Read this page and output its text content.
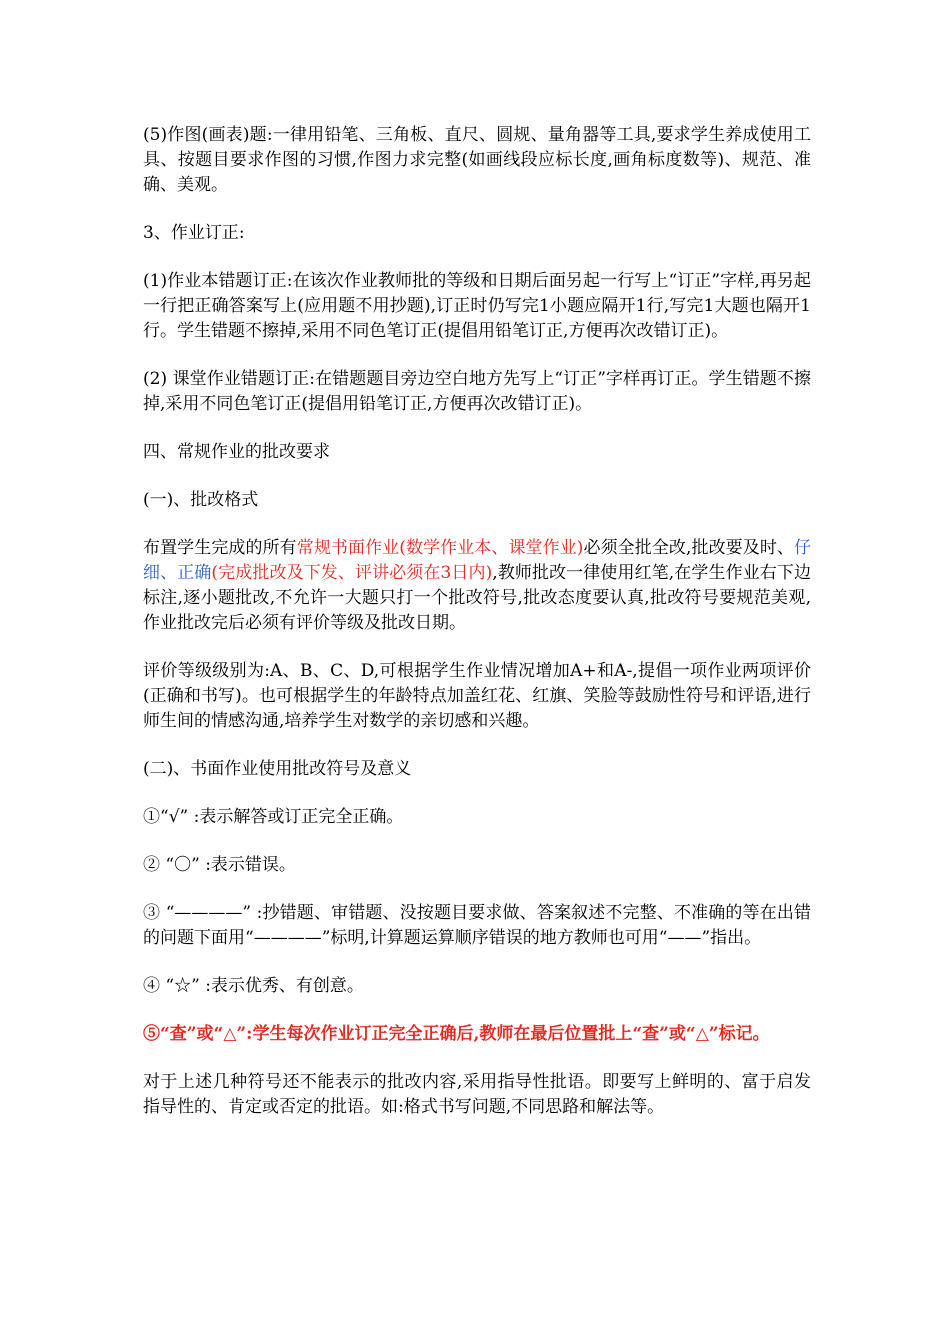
(5)作图(画表)题:一律用铅笔、三角板、直尺、圆规、量角器等工具,要求学生养成使用工具、按题目要求作图的习惯,作图力求完整(如画线段应标长度,画角标度数等)、规范、准确、美观。

3、作业订正:

(1)作业本错题订正:在该次作业教师批的等级和日期后面另起一行写上“订正”字样,再另起一行把正确答案写上(应用题不用抄题),订正时仍写完1小题应隔开1行,写完1大题也隔开1行。学生错题不擦掉,采用不同色笔订正(提倡用铅笔订正,方便再次改错订正)。

(2) 课堂作业错题订正:在错题题目旁边空白地方先写上“订正”字样再订正。学生错题不擦掉,采用不同色笔订正(提倡用铅笔订正,方便再次改错订正)。

四、常规作业的批改要求

(一)、批改格式

布置学生完成的所有常规书面作业(数学作业本、课堂作业)必须全批全改,批改要及时、仔细、正确(完成批改及下发、评讲必须在3日内),教师批改一律使用红笔,在学生作业右下边标注,逐小题批改,不允许一大题只打一个批改符号,批改态度要认真,批改符号要规范美观,作业批改完后必须有评价等级及批改日期。

评价等级级别为:A、B、C、D,可根据学生作业情况增加A+和A-,提倡一项作业两项评价(正确和书写)。也可根据学生的年龄特点加盖红花、红旗、笑脸等鼓励性符号和评语,进行师生间的情感沟通,培养学生对数学的亲切感和兴趣。

(二)、书面作业使用批改符号及意义

①“√” :表示解答或订正完全正确。

② “〇” :表示错误。

③ “————” :抄错题、审错题、没按题目要求做、答案叙述不完整、不准确的等在出错的问题下面用“————”标明,计算题运算顺序错误的地方教师也可用“——”指出。

④ “☆” :表示优秀、有创意。

⑤“查”或“△”:学生每次作业订正完全正确后,教师在最后位置批上“查”或“△”标记。

对于上述几种符号还不能表示的批改内容,采用指导性批语。即要写上鲜明的、富于启发指导性的、肯定或否定的批语。如:格式书写问题,不同思路和解法等。
